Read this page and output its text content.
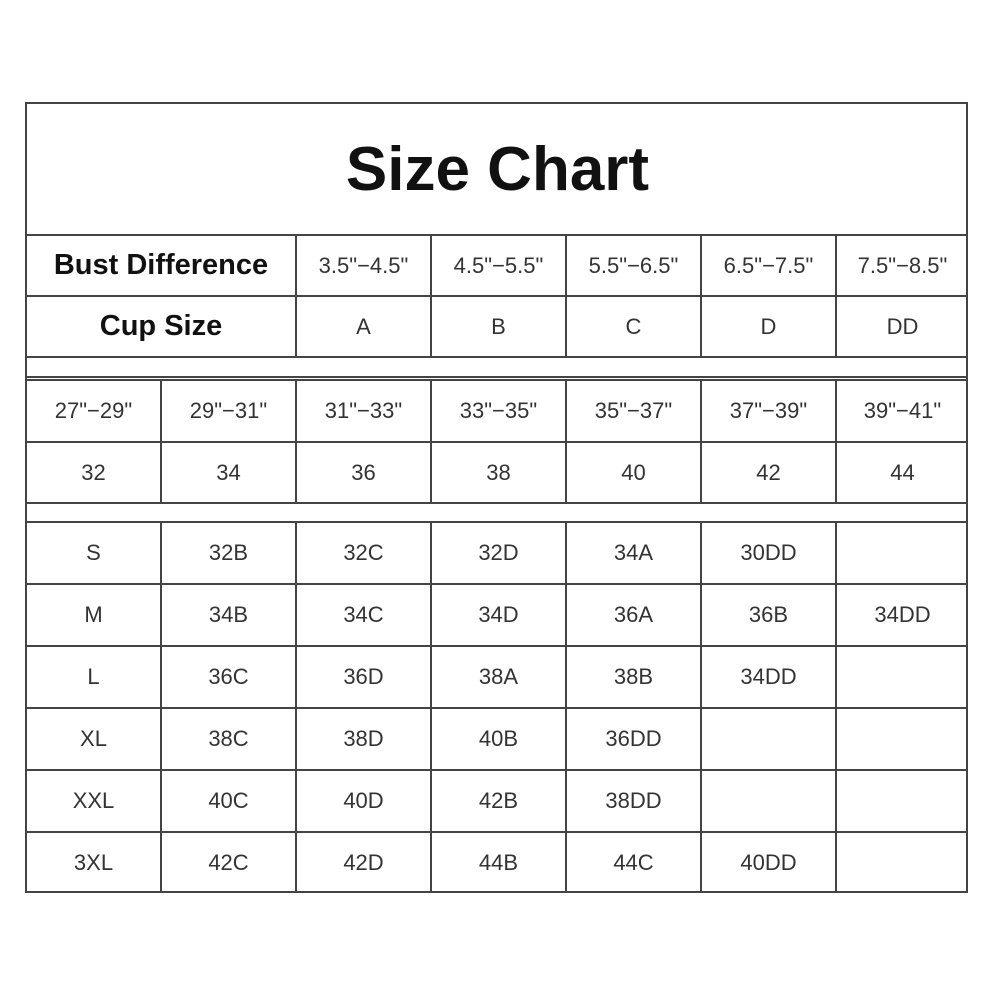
Size Chart
Bust Difference	3.5"−4.5"	4.5"−5.5"	5.5"−6.5"	6.5"−7.5"	7.5"−8.5"
Cup Size	A	B	C	D	DD
27"−29"	29"−31"	31"−33"	33"−35"	35"−37"	37"−39"	39"−41"
32	34	36	38	40	42	44
S	32B	32C	32D	34A	30DD
M	34B	34C	34D	36A	36B	34DD
L	36C	36D	38A	38B	34DD
XL	38C	38D	40B	36DD
XXL	40C	40D	42B	38DD
3XL	42C	42D	44B	44C	40DD
